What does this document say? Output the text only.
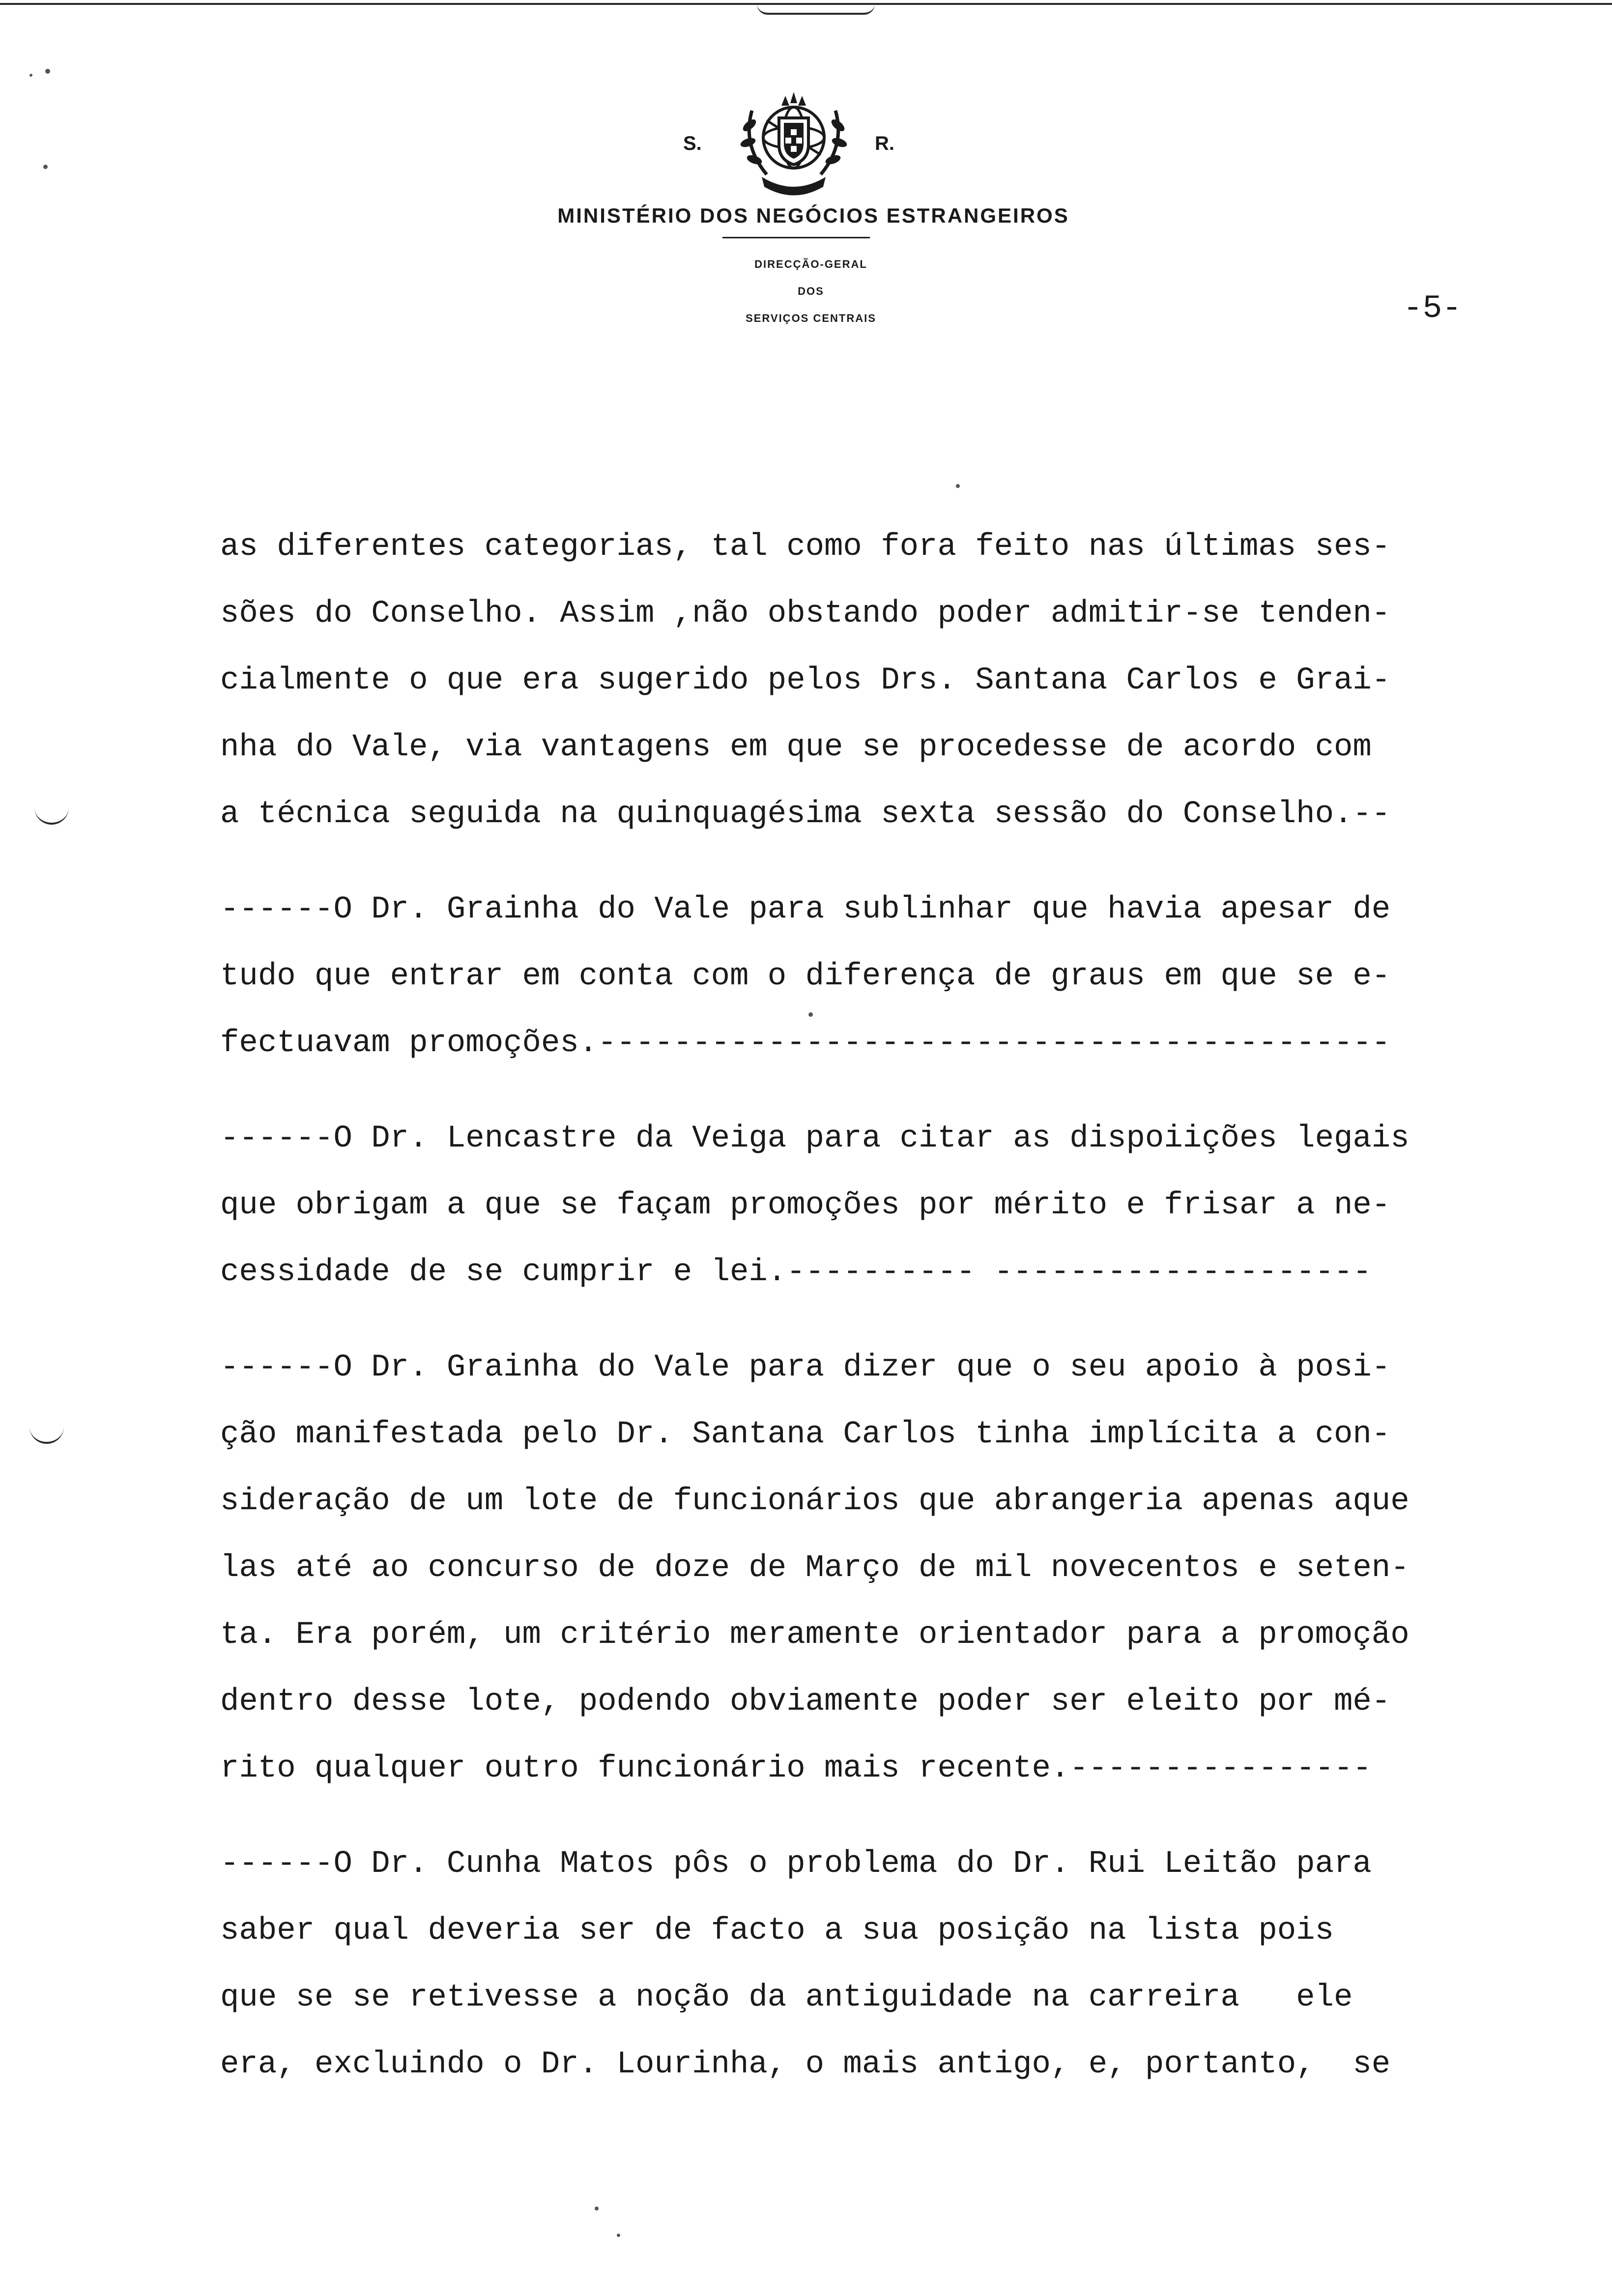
S.	R.
MINISTÉRIO DOS NEGÓCIOS ESTRANGEIROS
DIRECÇÃO-GERAL
DOS
SERVIÇOS CENTRAIS	-5-
as diferentes categorias, tal como fora feito nas últimas ses-
sões do Conselho. Assim ,não obstando poder admitir-se tenden-
cialmente o que era sugerido pelos Drs. Santana Carlos e Grai-
nha do Vale, via vantagens em que se procedesse de acordo com
a técnica seguida na quinquagésima sexta sessão do Conselho.--
------O Dr. Grainha do Vale para sublinhar que havia apesar de
tudo que entrar em conta com o diferença de graus em que se e-
fectuavam promoções.------------------------------------------
------O Dr. Lencastre da Veiga para citar as dispoiições legais
que obrigam a que se façam promoções por mérito e frisar a ne-
cessidade de se cumprir e lei.---------- --------------------
------O Dr. Grainha do Vale para dizer que o seu apoio à posi-
ção manifestada pelo Dr. Santana Carlos tinha implícita a con-
sideração de um lote de funcionários que abrangeria apenas aque
las até ao concurso de doze de Março de mil novecentos e seten-
ta. Era porém, um critério meramente orientador para a promoção
dentro desse lote, podendo obviamente poder ser eleito por mé-
rito qualquer outro funcionário mais recente.----------------
------O Dr. Cunha Matos pôs o problema do Dr. Rui Leitão para
saber qual deveria ser de facto a sua posição na lista pois
que se se retivesse a noção da antiguidade na carreira   ele
era, excluindo o Dr. Lourinha, o mais antigo, e, portanto,  se
